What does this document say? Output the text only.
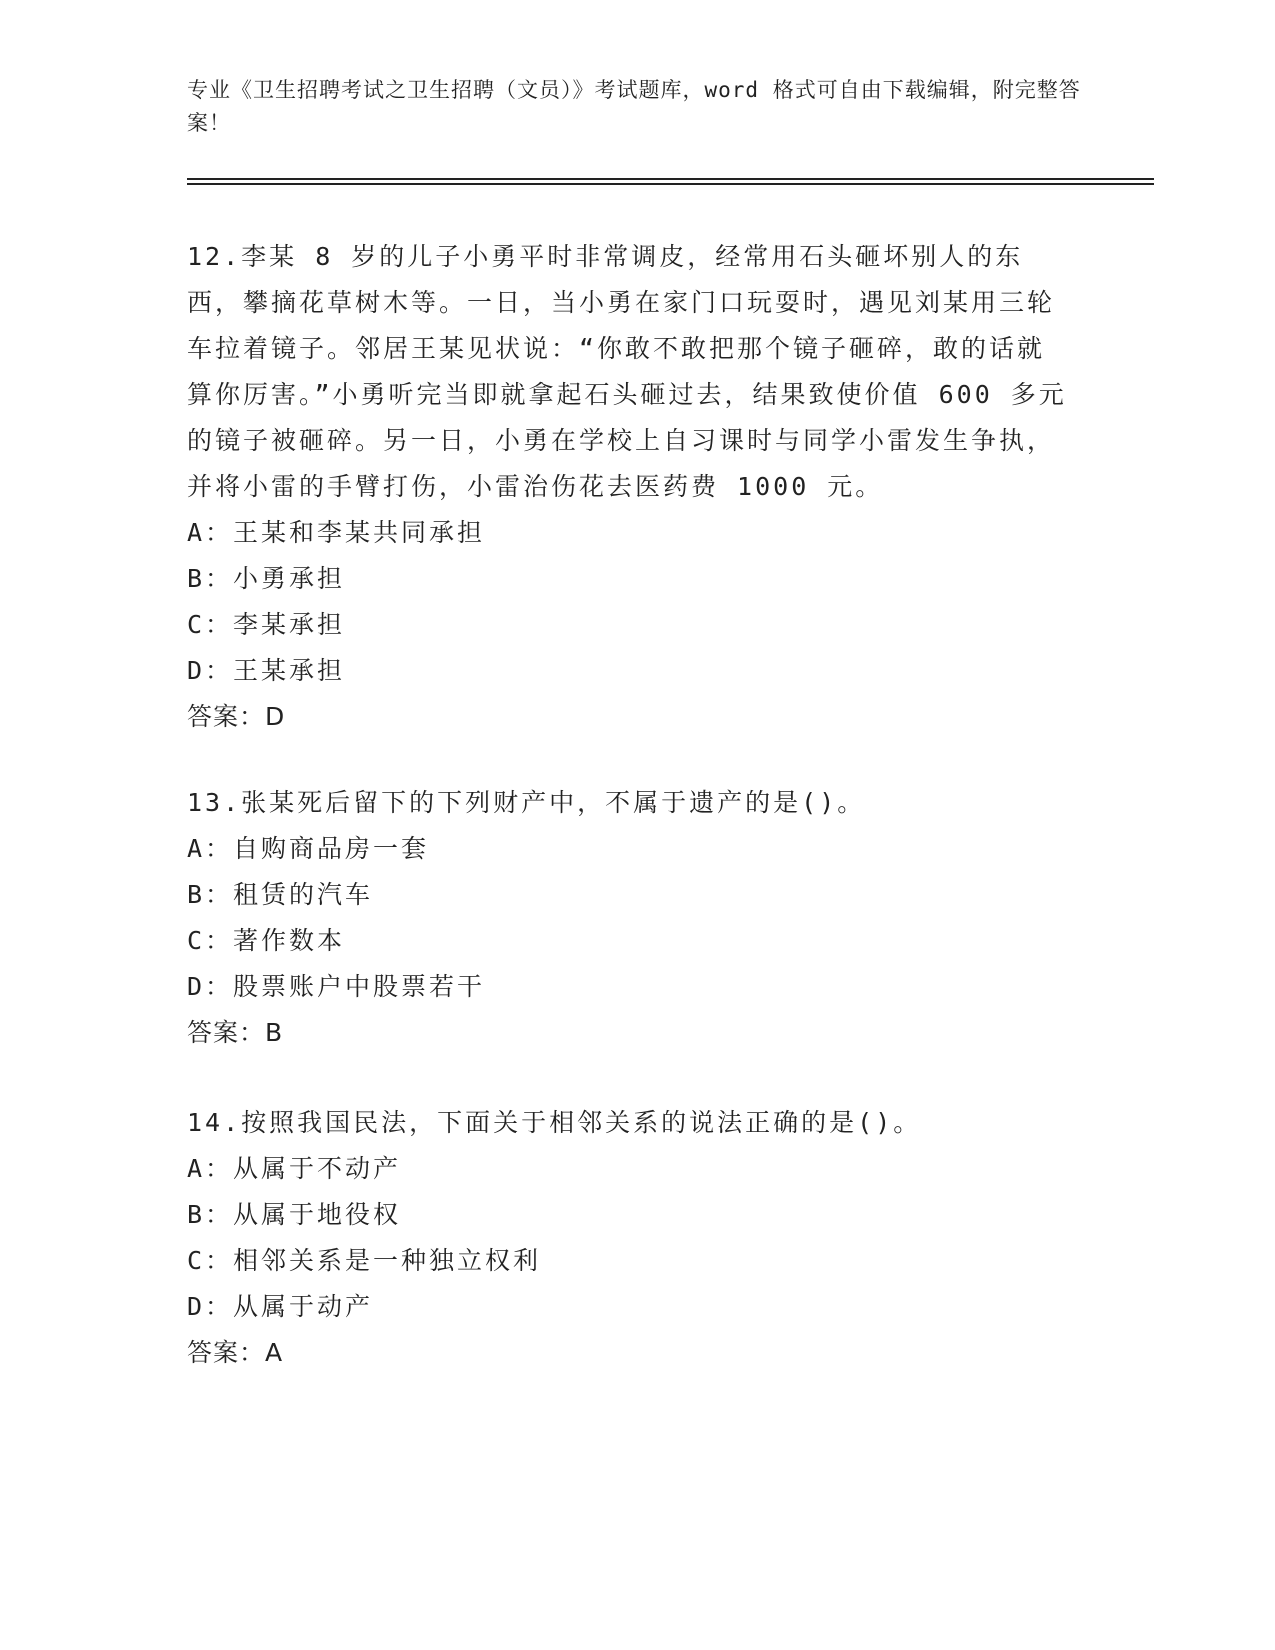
专业《卫生招聘考试之卫生招聘（文员）》考试题库，word 格式可自由下载编辑，附完整答案！
12.李某 8 岁的儿子小勇平时非常调皮，经常用石头砸坏别人的东西，攀摘花草树木等。一日，当小勇在家门口玩耍时，遇见刘某用三轮车拉着镜子。邻居王某见状说：“你敢不敢把那个镜子砸碎，敢的话就算你厉害。”小勇听完当即就拿起石头砸过去，结果致使价值 600 多元的镜子被砸碎。另一日，小勇在学校上自习课时与同学小雷发生争执，并将小雷的手臂打伤，小雷治伤花去医药费 1000 元。
A：王某和李某共同承担
B：小勇承担
C：李某承担
D：王某承担
答案：D
13.张某死后留下的下列财产中，不属于遗产的是()。
A：自购商品房一套
B：租赁的汽车
C：著作数本
D：股票账户中股票若干
答案：B
14.按照我国民法，下面关于相邻关系的说法正确的是()。
A：从属于不动产
B：从属于地役权
C：相邻关系是一种独立权利
D：从属于动产
答案：A
